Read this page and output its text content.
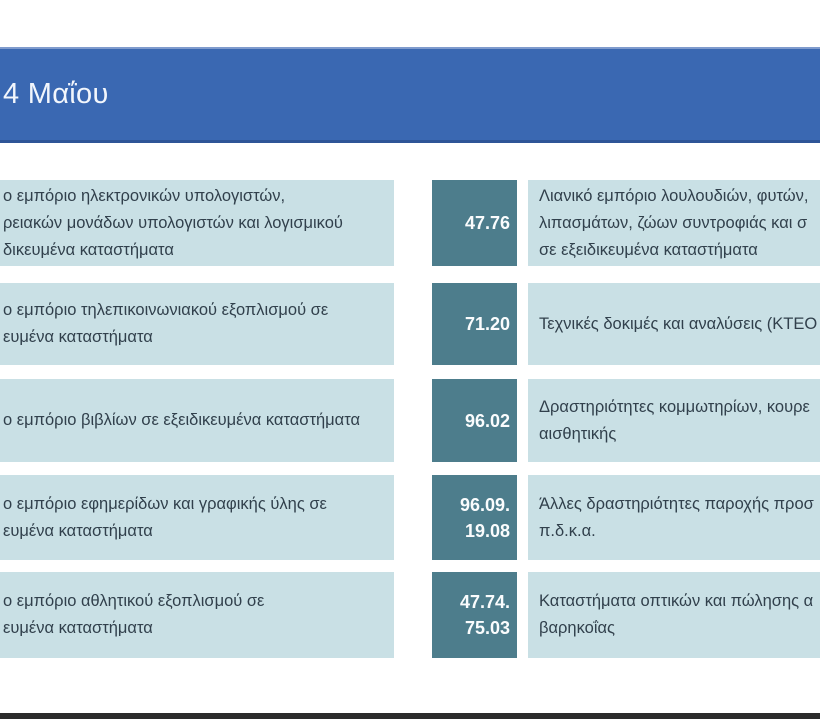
4 Μαΐου
ο εμπόριο ηλεκτρονικών υπολογιστών,
ρειακών μονάδων υπολογιστών και λογισμικού
δικευμένα καταστήματα
47.76
Λιανικό εμπόριο λουλουδιών, φυτών,
λιπασμάτων, ζώων συντροφιάς και σ
σε εξειδικευμένα καταστήματα
ο εμπόριο τηλεπικοινωνιακού εξοπλισμού σε
ευμένα καταστήματα
71.20 Τεχνικές δοκιμές και αναλύσεις (ΚΤΕΟ
ο εμπόριο βιβλίων σε εξειδικευμένα καταστήματα	96.02
Δραστηριότητες κομμωτηρίων, κουρε
αισθητικής
ο εμπόριο εφημερίδων και γραφικής ύλης σε
ευμένα καταστήματα
96.09.
19.08
Άλλες δραστηριότητες παροχής προσ
π.δ.κ.α.
ο εμπόριο αθλητικού εξοπλισμού σε
ευμένα καταστήματα
47.74.
75.03
Καταστήματα οπτικών και πώλησης α
βαρηκοΐας
